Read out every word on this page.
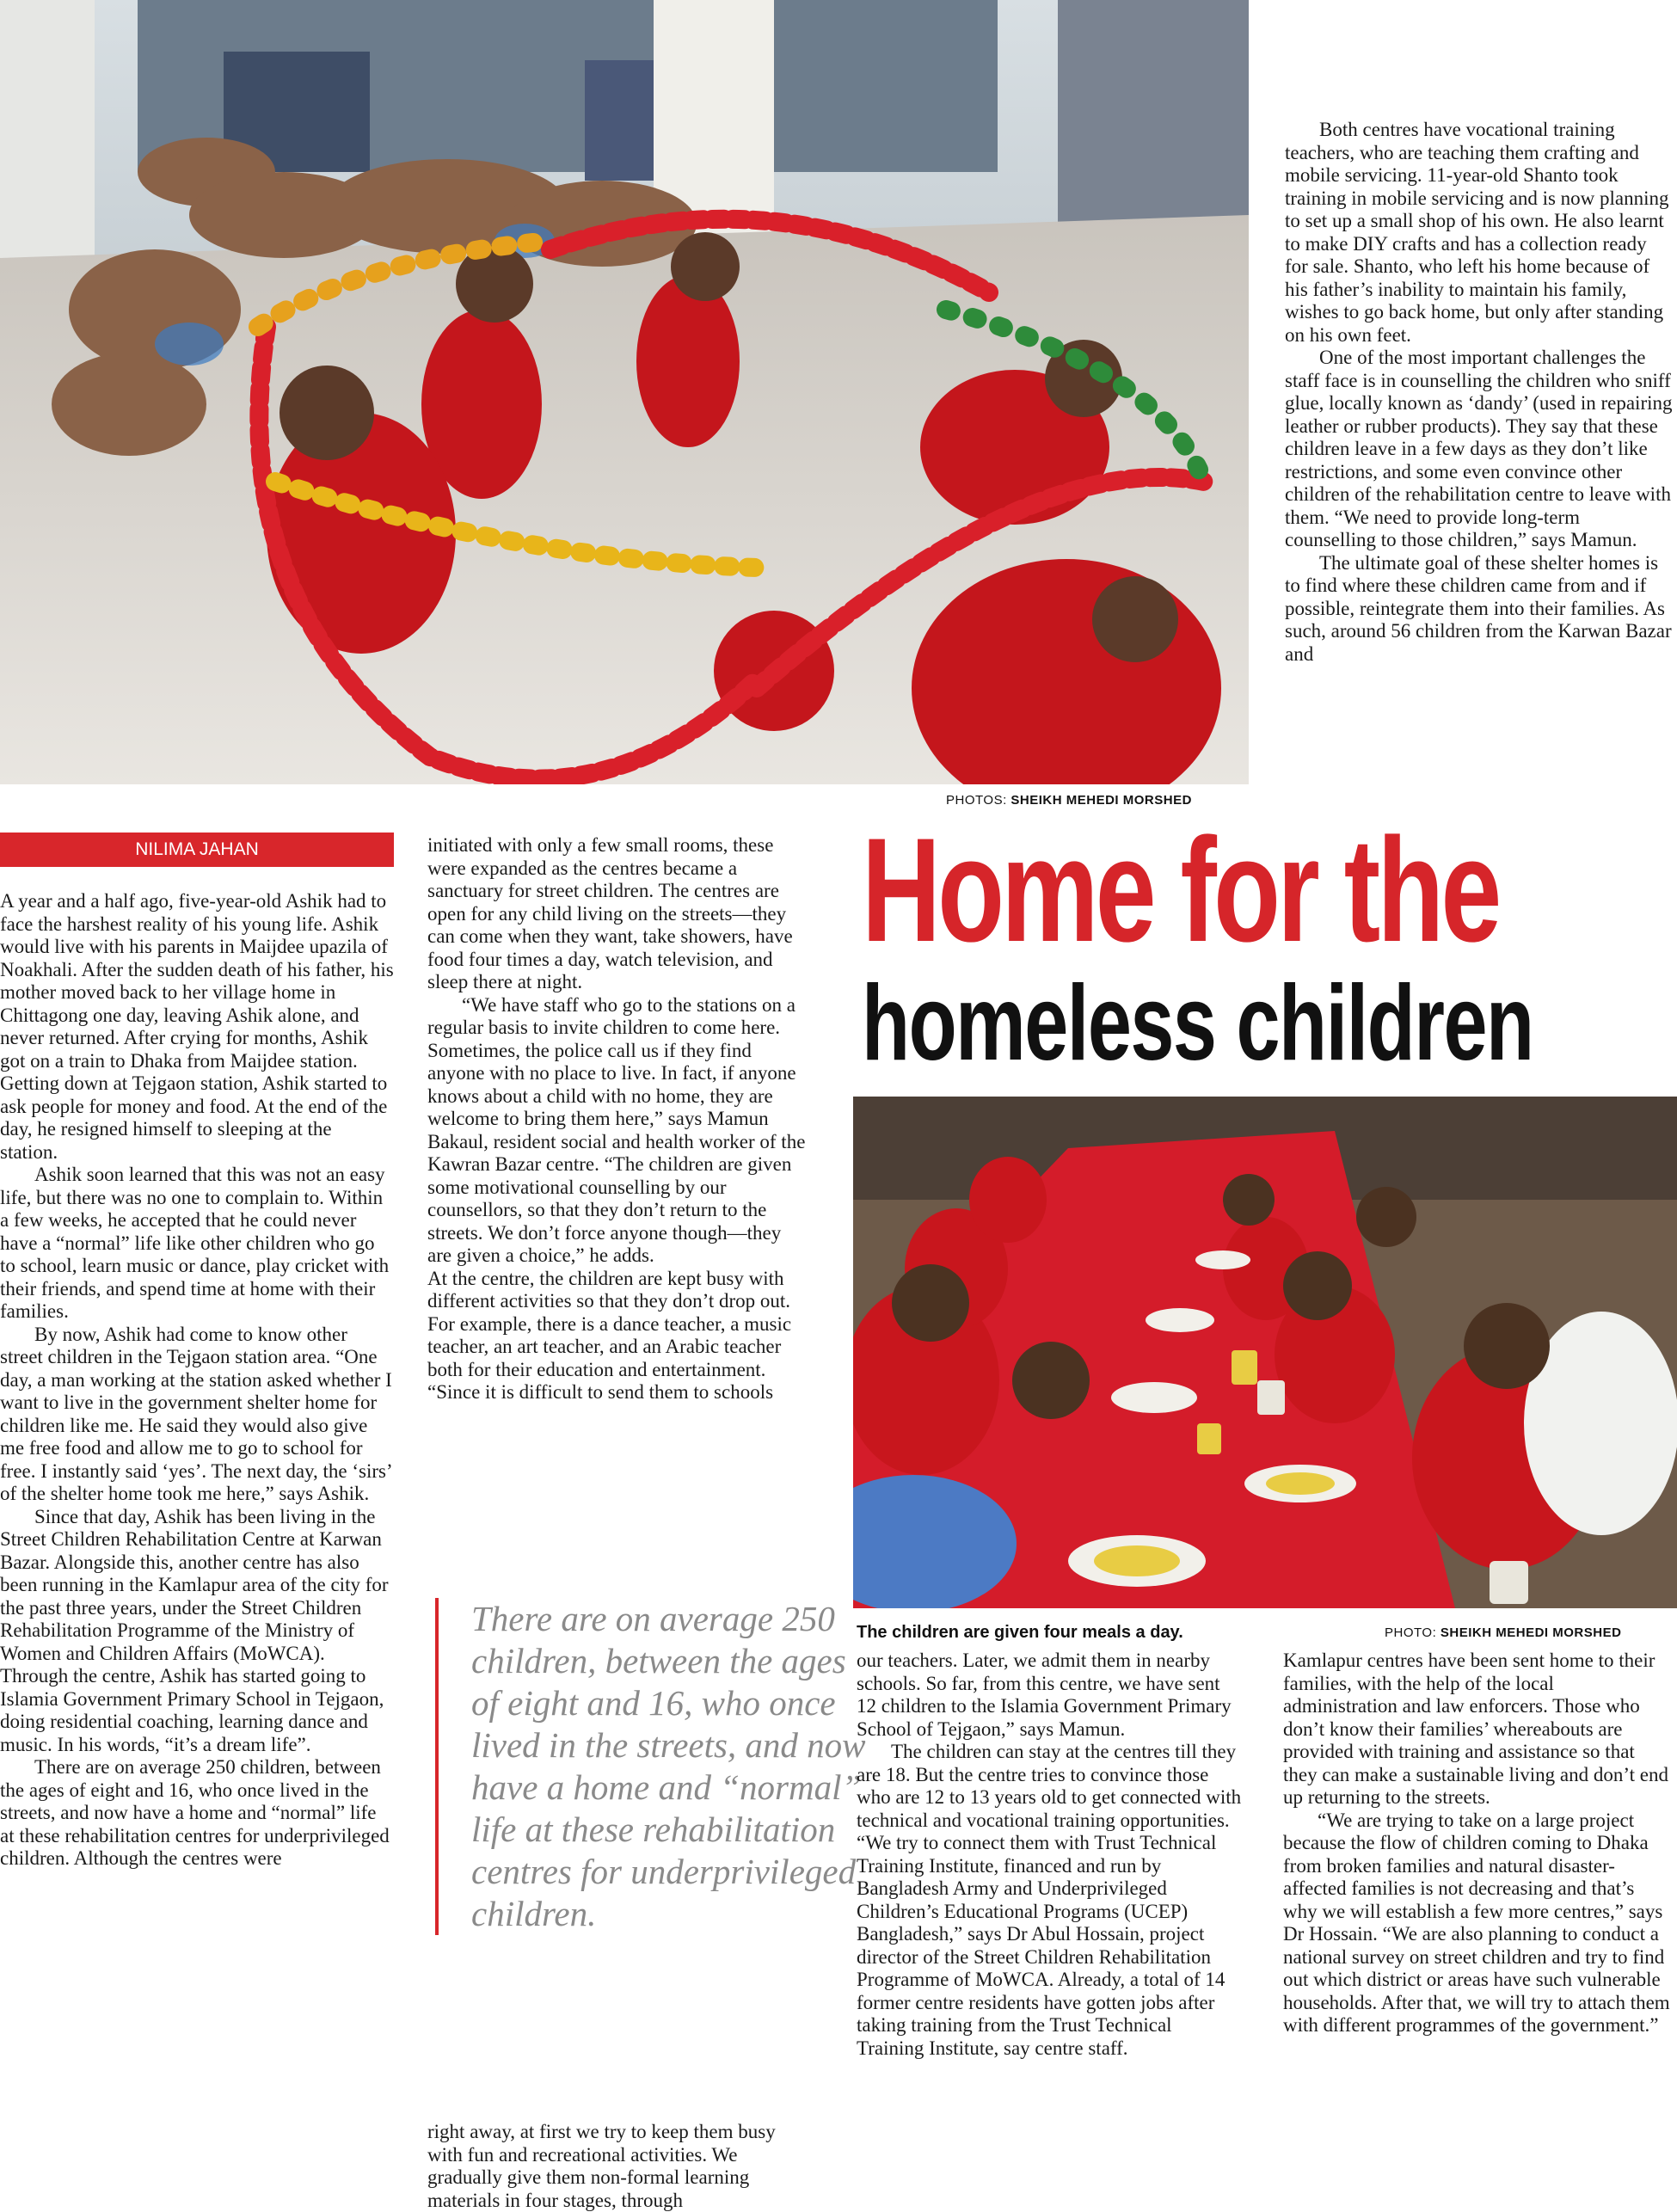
Both centres have vocational training teachers, who are teaching them crafting and mobile servicing. 11-year-old Shanto took training in mobile servicing and is now planning to set up a small shop of his own. He also learnt to make DIY crafts and has a collection ready for sale. Shanto, who left his home because of his father’s inability to maintain his family, wishes to go back home, but only after standing on his own feet.

One of the most important challenges the staff face is in counselling the children who sniff glue, locally known as ‘dandy’ (used in repairing leather or rubber products). They say that these children leave in a few days as they don’t like restrictions, and some even convince other children of the rehabilitation centre to leave with them. “We need to provide long-term counselling to those children,” says Mamun.

The ultimate goal of these shelter homes is to find where these children came from and if possible, reintegrate them into their families. As such, around 56 children from the Karwan Bazar and

PHOTOS: SHEIKH MEHEDI MORSHED
NILIMA JAHAN

A year and a half ago, five-year-old Ashik had to face the harshest reality of his young life. Ashik would live with his parents in Maijdee upazila of Noakhali. After the sudden death of his father, his mother moved back to her village home in Chittagong one day, leaving Ashik alone, and never returned. After crying for months, Ashik got on a train to Dhaka from Maijdee station. Getting down at Tejgaon station, Ashik started to ask people for money and food. At the end of the day, he resigned himself to sleeping at the station.

Ashik soon learned that this was not an easy life, but there was no one to complain to. Within a few weeks, he accepted that he could never have a “normal” life like other children who go to school, learn music or dance, play cricket with their friends, and spend time at home with their families.

By now, Ashik had come to know other street children in the Tejgaon station area. “One day, a man working at the station asked whether I want to live in the government shelter home for children like me. He said they would also give me free food and allow me to go to school for free. I instantly said ‘yes’. The next day, the ‘sirs’ of the shelter home took me here,” says Ashik.

Since that day, Ashik has been living in the Street Children Rehabilitation Centre at Karwan Bazar. Alongside this, another centre has also been running in the Kamlapur area of the city for the past three years, under the Street Children Rehabilitation Programme of the Ministry of Women and Children Affairs (MoWCA). Through the centre, Ashik has started going to Islamia Government Primary School in Tejgaon, doing residential coaching, learning dance and music. In his words, “it’s a dream life”.

There are on average 250 children, between the ages of eight and 16, who once lived in the streets, and now have a home and “normal” life at these rehabilitation centres for underprivileged children. Although the centres were

initiated with only a few small rooms, these were expanded as the centres became a sanctuary for street children. The centres are open for any child living on the streets—they can come when they want, take showers, have food four times a day, watch television, and sleep there at night.

“We have staff who go to the stations on a regular basis to invite children to come here. Sometimes, the police call us if they find anyone with no place to live. In fact, if anyone knows about a child with no home, they are welcome to bring them here,” says Mamun Bakaul, resident social and health worker of the Kawran Bazar centre. “The children are given some motivational counselling by our counsellors, so that they don’t return to the streets. We don’t force anyone though—they are given a choice,” he adds.

At the centre, the children are kept busy with different activities so that they don’t drop out. For example, there is a dance teacher, a music teacher, an art teacher, and an Arabic teacher both for their education and entertainment. “Since it is difficult to send them to schools

There are on average 250 children, between the ages of eight and 16, who once lived in the streets, and now have a home and “normal” life at these rehabilitation centres for underprivileged children.

right away, at first we try to keep them busy with fun and recreational activities. We gradually give them non-formal learning materials in four stages, through

Home for the
homeless children
The children are given four meals a day.	PHOTO: SHEIKH MEHEDI MORSHED

our teachers. Later, we admit them in nearby schools. So far, from this centre, we have sent 12 children to the Islamia Government Primary School of Tejgaon,” says Mamun.

The children can stay at the centres till they are 18. But the centre tries to convince those who are 12 to 13 years old to get connected with technical and vocational training opportunities. “We try to connect them with Trust Technical Training Institute, financed and run by Bangladesh Army and Underprivileged Children’s Educational Programs (UCEP) Bangladesh,” says Dr Abul Hossain, project director of the Street Children Rehabilitation Programme of MoWCA. Already, a total of 14 former centre residents have gotten jobs after taking training from the Trust Technical Training Institute, say centre staff.

Kamlapur centres have been sent home to their families, with the help of the local administration and law enforcers. Those who don’t know their families’ whereabouts are provided with training and assistance so that they can make a sustainable living and don’t end up returning to the streets.

“We are trying to take on a large project because the flow of children coming to Dhaka from broken families and natural disaster-affected families is not decreasing and that’s why we will establish a few more centres,” says Dr Hossain. “We are also planning to conduct a national survey on street children and try to find out which district or areas have such vulnerable households. After that, we will try to attach them with different programmes of the government.”
